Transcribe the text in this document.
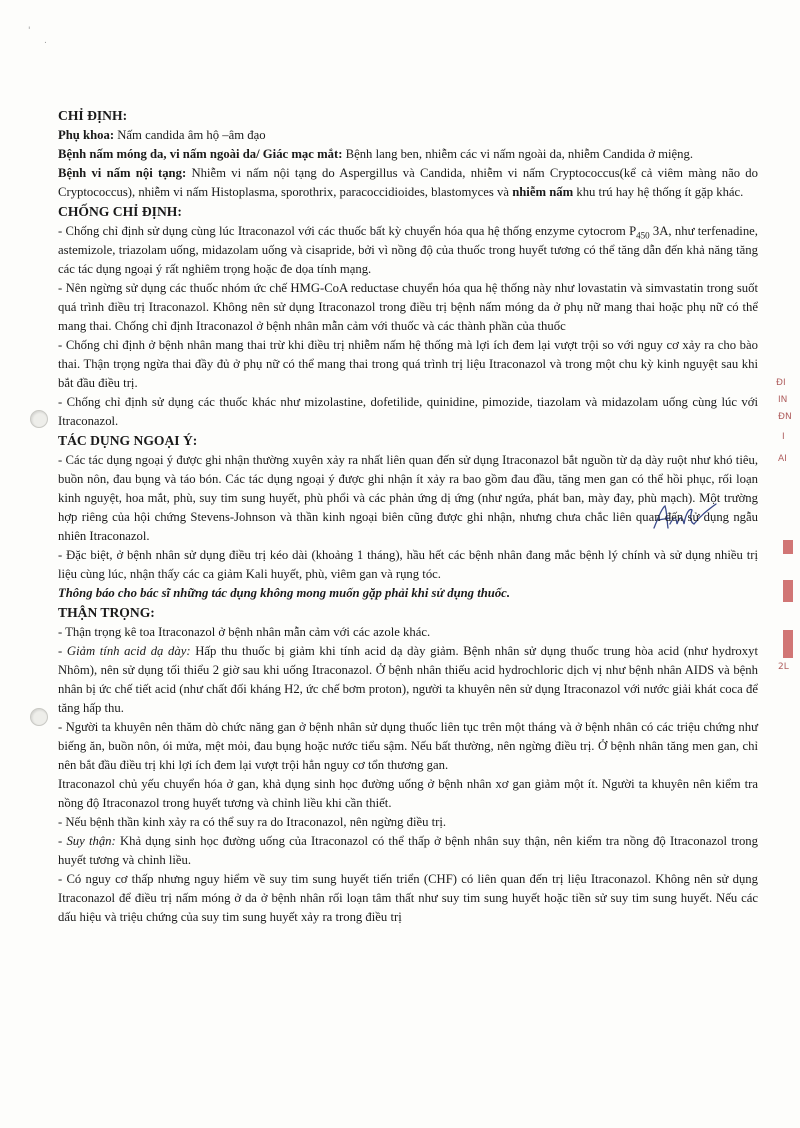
'
.
ĐI
IN
ĐN
I
AI
2L

CHỈ ĐỊNH:

Phụ khoa: Nấm candida âm hộ –âm đạo

Bệnh nấm móng da, vi nấm ngoài da/ Giác mạc mắt: Bệnh lang ben, nhiễm các vi nấm ngoài da, nhiễm Candida ở miệng.

Bệnh vi nấm nội tạng: Nhiễm vi nấm nội tạng do Aspergillus và Candida, nhiễm vi nấm Cryptococcus(kể cả viêm màng não do Cryptococcus), nhiễm vi nấm Histoplasma, sporothrix, paracoccidioides, blastomyces và nhiễm nấm khu trú hay hệ thống ít gặp khác.

CHỐNG CHỈ ĐỊNH:

- Chống chỉ định sử dụng cùng lúc Itraconazol với các thuốc bất kỳ chuyển hóa qua hệ thống enzyme cytocrom $P_{450}$ 3A, như terfenadine, astemizole, triazolam uống, midazolam uống và cisapride, bởi vì nồng độ của thuốc trong huyết tương có thể tăng dẫn đến khả năng tăng các tác dụng ngoại ý rất nghiêm trọng hoặc đe dọa tính mạng.

- Nên ngừng sử dụng các thuốc nhóm ức chế HMG-CoA reductase chuyển hóa qua hệ thống này như lovastatin và simvastatin trong suốt quá trình điều trị Itraconazol. Không nên sử dụng Itraconazol trong điều trị bệnh nấm móng da ở phụ nữ mang thai hoặc phụ nữ có thể mang thai. Chống chỉ định Itraconazol ở bệnh nhân mẫn cảm với thuốc và các thành phần của thuốc

- Chống chỉ định ở bệnh nhân mang thai trừ khi điều trị nhiễm nấm hệ thống mà lợi ích đem lại vượt trội so với nguy cơ xảy ra cho bào thai. Thận trọng ngừa thai đầy đủ ở phụ nữ có thể mang thai trong quá trình trị liệu Itraconazol và trong một chu kỳ kinh nguyệt sau khi bắt đầu điều trị.

- Chống chỉ định sử dụng các thuốc khác như mizolastine, dofetilide, quinidine, pimozide, tiazolam và midazolam uống cùng lúc với Itraconazol.

TÁC DỤNG NGOẠI Ý:

- Các tác dụng ngoại ý được ghi nhận thường xuyên xảy ra nhất liên quan đến sử dụng Itraconazol bắt nguồn từ dạ dày ruột như khó tiêu, buồn nôn, đau bụng và táo bón. Các tác dụng ngoại ý được ghi nhận ít xảy ra bao gồm đau đầu, tăng men gan có thể hồi phục, rối loạn kinh nguyệt, hoa mắt, phù, suy tim sung huyết, phù phổi và các phản ứng dị ứng (như ngứa, phát ban, mày đay, phù mạch). Một trường hợp riêng của hội chứng Stevens-Johnson và thần kinh ngoại biên cũng được ghi nhận, nhưng chưa chắc liên quan đến sử dụng ngẫu nhiên Itraconazol.

- Đặc biệt, ở bệnh nhân sử dụng điều trị kéo dài (khoảng 1 tháng), hầu hết các bệnh nhân đang mắc bệnh lý chính và sử dụng nhiều trị liệu cùng lúc, nhận thấy các ca giảm Kali huyết, phù, viêm gan và rụng tóc.

Thông báo cho bác sĩ những tác dụng không mong muốn gặp phải khi sử dụng thuốc.

THẬN TRỌNG:

- Thận trọng kê toa Itraconazol ở bệnh nhân mẫn cảm với các azole khác.

- Giảm tính acid dạ dày: Hấp thu thuốc bị giảm khi tính acid dạ dày giảm. Bệnh nhân sử dụng thuốc trung hòa acid (như hydroxyt Nhôm), nên sử dụng tối thiểu 2 giờ sau khi uống Itraconazol. Ở bệnh nhân thiếu acid hydrochloric dịch vị như bệnh nhân AIDS và bệnh nhân bị ức chế tiết acid (như chất đối kháng H2, ức chế bơm proton), người ta khuyên nên sử dụng Itraconazol với nước giải khát coca để tăng hấp thu.

- Người ta khuyên nên thăm dò chức năng gan ở bệnh nhân sử dụng thuốc liên tục trên một tháng và ở bệnh nhân có các triệu chứng như biếng ăn, buồn nôn, ói mửa, mệt mỏi, đau bụng hoặc nước tiểu sậm. Nếu bất thường, nên ngừng điều trị. Ở bệnh nhân tăng men gan, chỉ nên bắt đầu điều trị khi lợi ích đem lại vượt trội hẳn nguy cơ tổn thương gan.

Itraconazol chủ yếu chuyển hóa ở gan, khả dụng sinh học đường uống ở bệnh nhân xơ gan giảm một ít. Người ta khuyên nên kiểm tra nồng độ Itraconazol trong huyết tương và chỉnh liều khi cần thiết.

- Nếu bệnh thần kinh xảy ra có thể suy ra do Itraconazol, nên ngừng điều trị.

- Suy thận: Khả dụng sinh học đường uống của Itraconazol có thể thấp ở bệnh nhân suy thận, nên kiểm tra nồng độ Itraconazol trong huyết tương và chỉnh liều.

- Có nguy cơ thấp nhưng nguy hiểm về suy tim sung huyết tiến triển (CHF) có liên quan đến trị liệu Itraconazol. Không nên sử dụng Itraconazol để điều trị nấm móng ở da ở bệnh nhân rối loạn tâm thất như suy tim sung huyết hoặc tiền sử suy tim sung huyết. Nếu các dấu hiệu và triệu chứng của suy tim sung huyết xảy ra trong điều trị
